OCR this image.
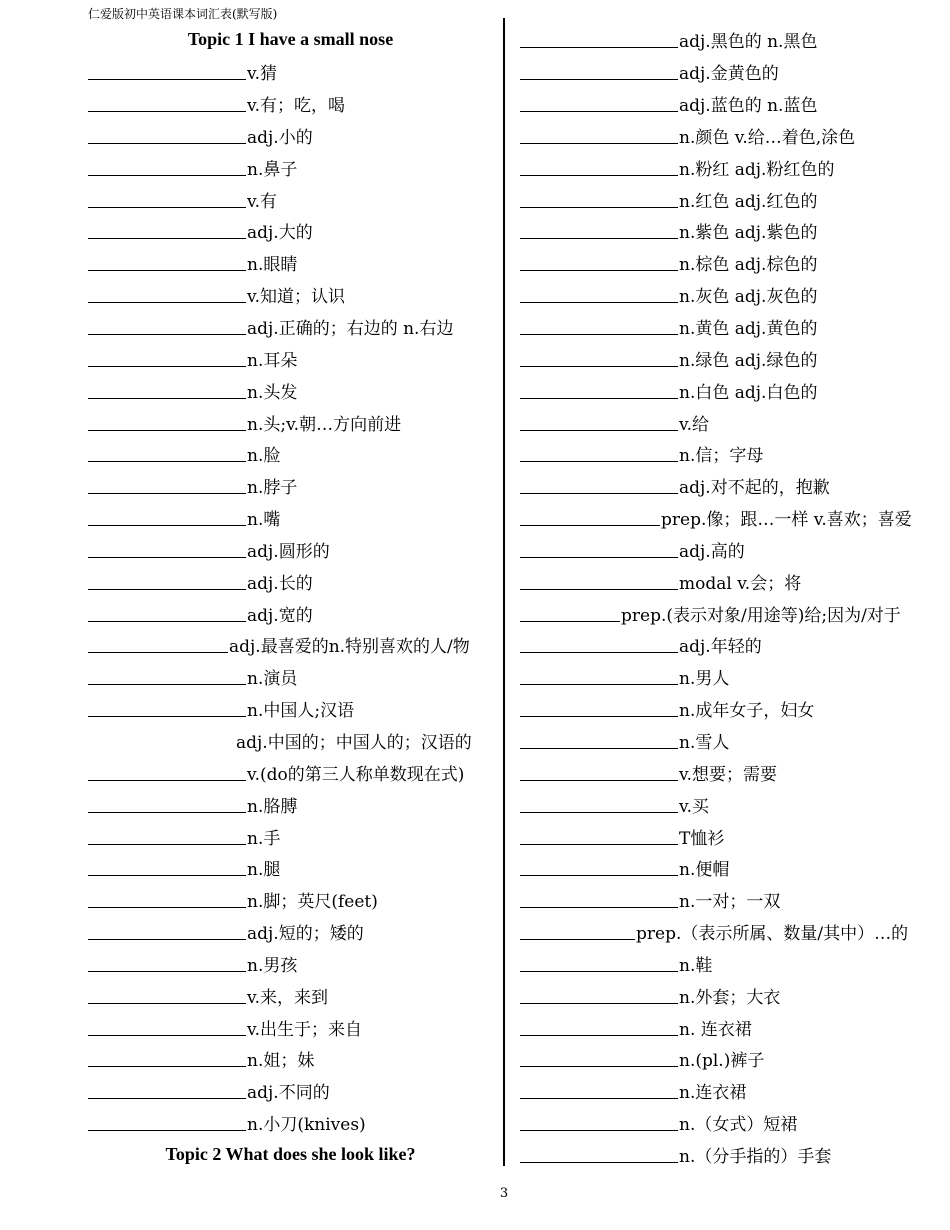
仁爱版初中英语课本词汇表(默写版)
Topic 1 I have a small nose
v.猜
v.有；吃，喝
adj.小的
n.鼻子
v.有
adj.大的
n.眼睛
v.知道；认识
adj.正确的；右边的 n.右边
n.耳朵
n.头发
n.头;v.朝…方向前进
n.脸
n.脖子
n.嘴
adj.圆形的
adj.长的
adj.宽的
adj.最喜爱的n.特别喜欢的人/物
n.演员
n.中国人;汉语
adj.中国的；中国人的；汉语的
v.(do的第三人称单数现在式)
n.胳膊
n.手
n.腿
n.脚；英尺(feet)
adj.短的；矮的
n.男孩
v.来，来到
v.出生于；来自
n.姐；妹
adj.不同的
n.小刀(knives)
Topic 2 What does she look like?
adj.黑色的 n.黑色
adj.金黄色的
adj.蓝色的 n.蓝色
n.颜色 v.给…着色,涂色
n.粉红 adj.粉红色的
n.红色 adj.红色的
n.紫色 adj.紫色的
n.棕色 adj.棕色的
n.灰色 adj.灰色的
n.黄色 adj.黄色的
n.绿色 adj.绿色的
n.白色 adj.白色的
v.给
n.信；字母
adj.对不起的，抱歉
prep.像；跟…一样 v.喜欢；喜爱
adj.高的
modal v.会；将
prep.(表示对象/用途等)给;因为/对于
adj.年轻的
n.男人
n.成年女子，妇女
n.雪人
v.想要；需要
v.买
T恤衫
n.便帽
n.一对；一双
prep.（表示所属、数量/其中）…的
n.鞋
n.外套；大衣
n. 连衣裙
n.(pl.)裤子
n.连衣裙
n.（女式）短裙
n.（分手指的）手套
3
